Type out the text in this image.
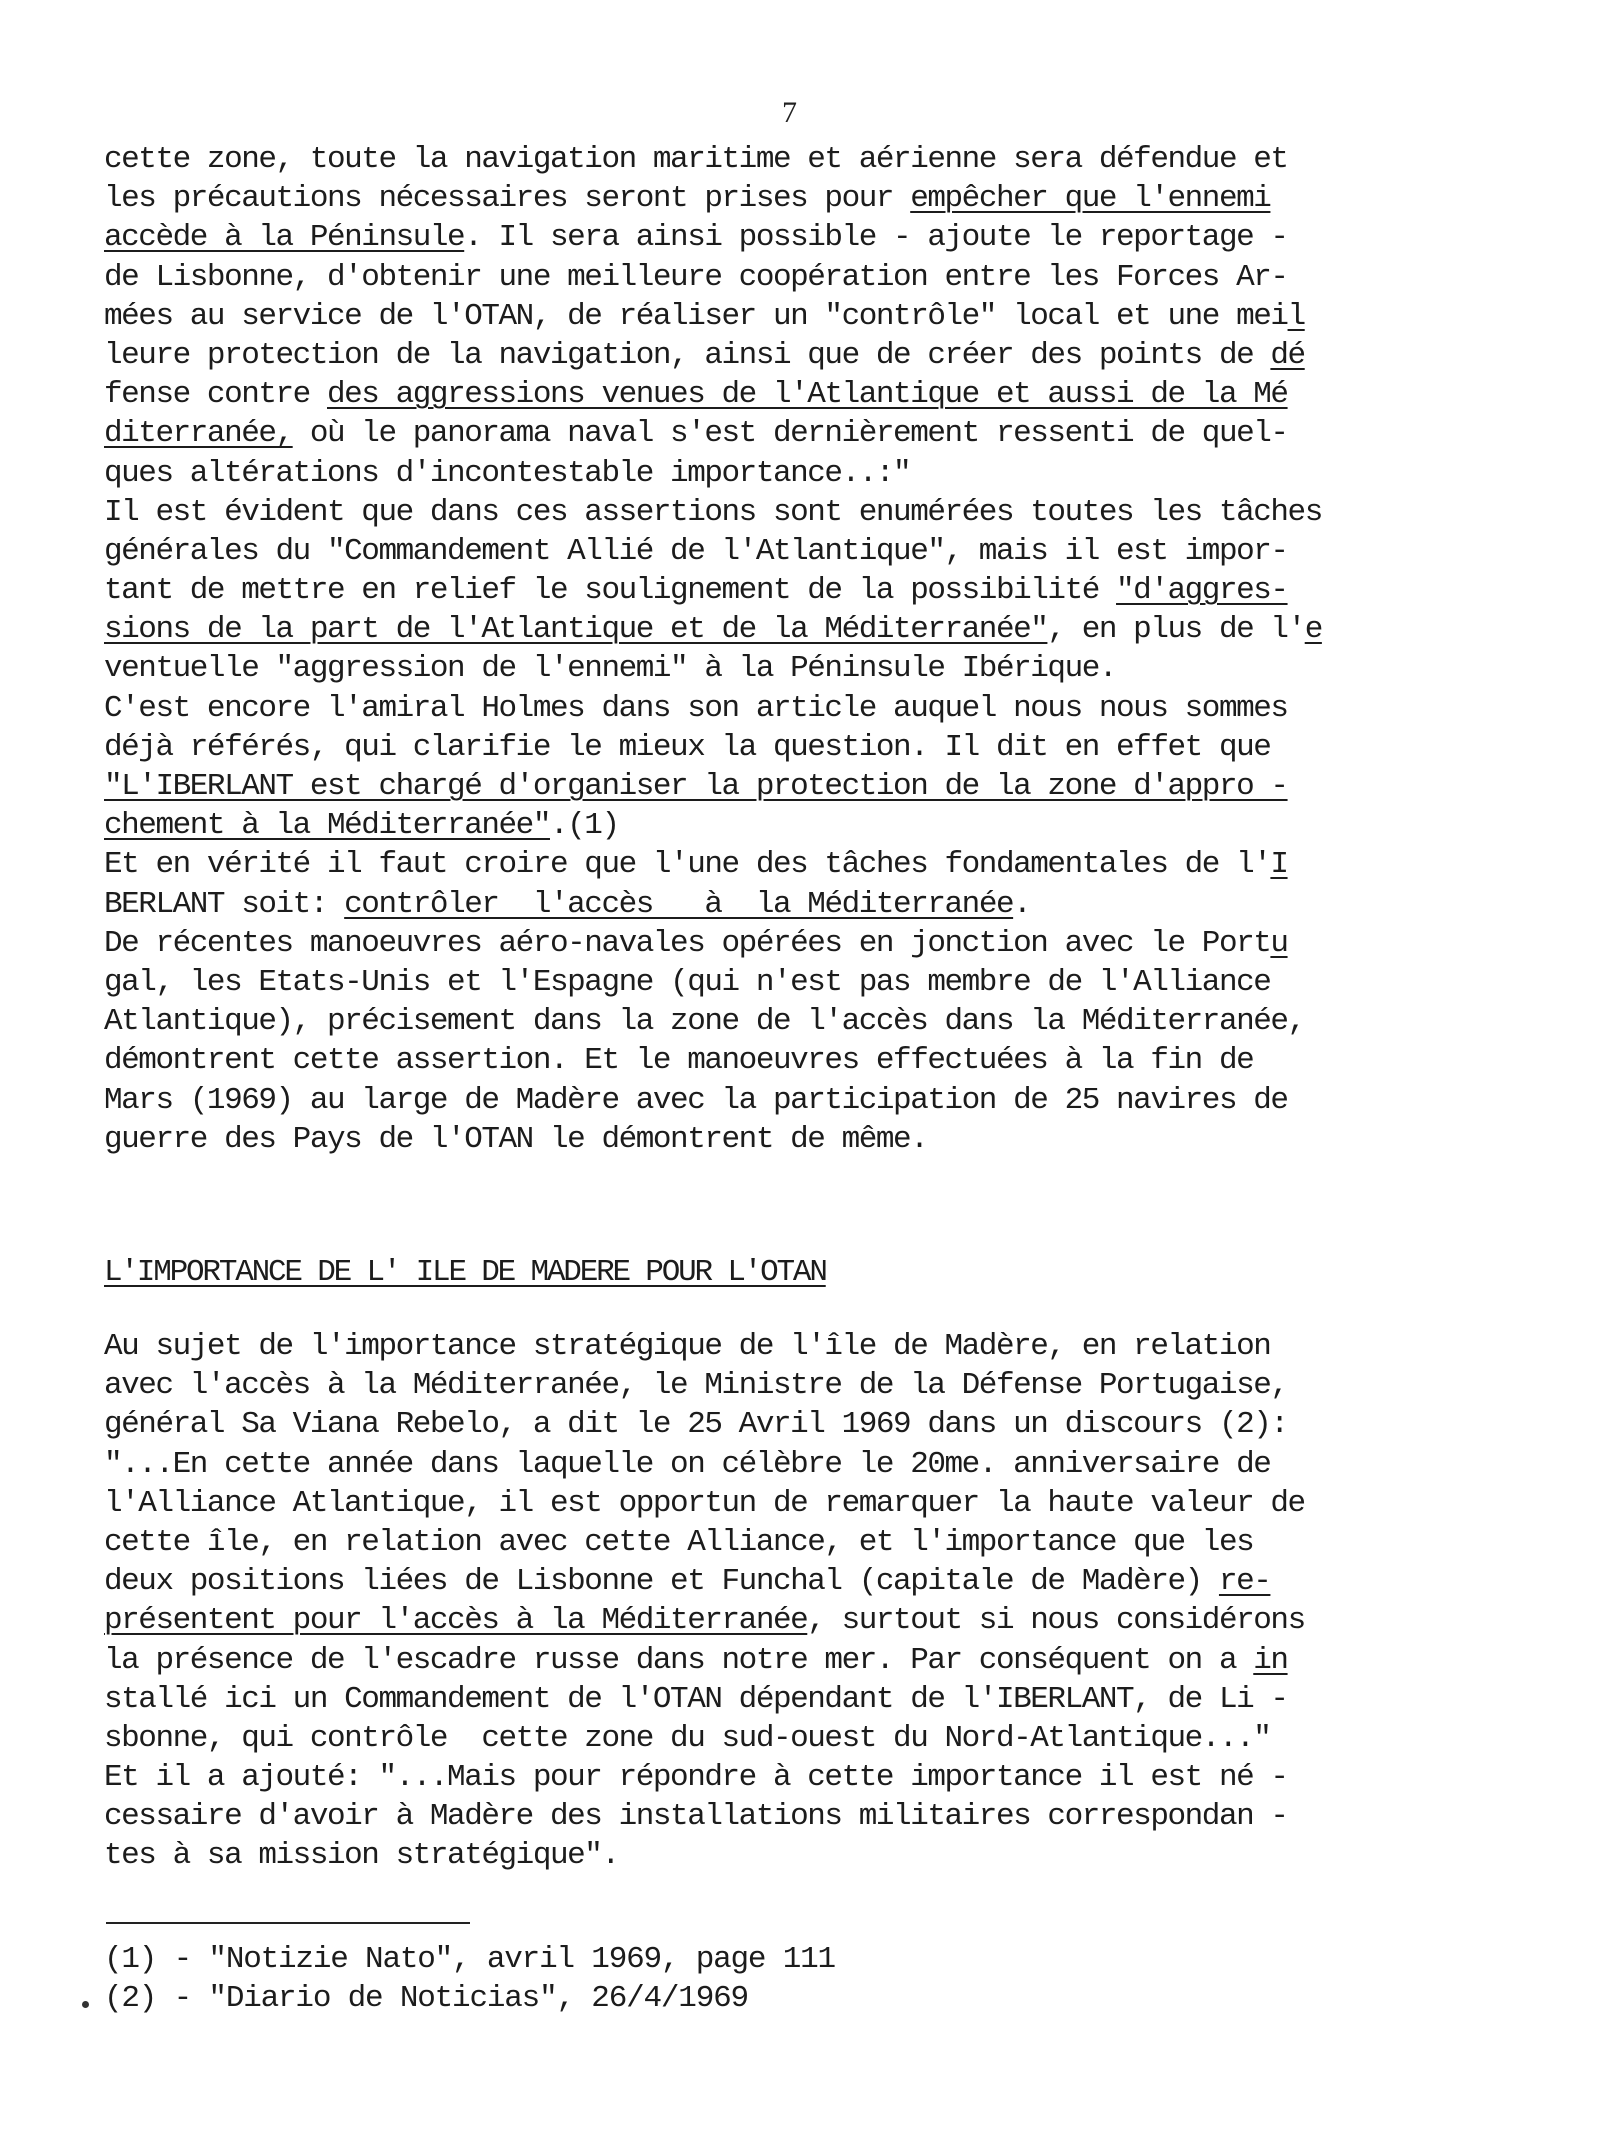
7
cette zone, toute la navigation maritime et aérienne sera défendue et
les précautions nécessaires seront prises pour empêcher que l'ennemi
accède à la Péninsule. Il sera ainsi possible - ajoute le reportage -
de Lisbonne, d'obtenir une meilleure coopération entre les Forces Ar-
mées au service de l'OTAN, de réaliser un "contrôle" local et une meil
leure protection de la navigation, ainsi que de créer des points de dé
fense contre des aggressions venues de l'Atlantique et aussi de la Mé
diterranée, où le panorama naval s'est dernièrement ressenti de quel-
ques altérations d'incontestable importance..:"
Il est évident que dans ces assertions sont enumérées toutes les tâches
générales du "Commandement Allié de l'Atlantique", mais il est impor-
tant de mettre en relief le soulignement de la possibilité "d'aggres-
sions de la part de l'Atlantique et de la Méditerranée", en plus de l'e
ventuelle "aggression de l'ennemi" à la Péninsule Ibérique.
C'est encore l'amiral Holmes dans son article auquel nous nous sommes
déjà référés, qui clarifie le mieux la question. Il dit en effet que
"L'IBERLANT est chargé d'organiser la protection de la zone d'appro -
chement à la Méditerranée".(1)
Et en vérité il faut croire que l'une des tâches fondamentales de l'I
BERLANT soit: contrôler  l'accès   à  la Méditerranée.
De récentes manoeuvres aéro-navales opérées en jonction avec le Portu
gal, les Etats-Unis et l'Espagne (qui n'est pas membre de l'Alliance
Atlantique), précisement dans la zone de l'accès dans la Méditerranée,
démontrent cette assertion. Et le manoeuvres effectuées à la fin de
Mars (1969) au large de Madère avec la participation de 25 navires de
guerre des Pays de l'OTAN le démontrent de même.
L'IMPORTANCE DE L' ILE DE MADERE POUR L'OTAN
Au sujet de l'importance stratégique de l'île de Madère, en relation
avec l'accès à la Méditerranée, le Ministre de la Défense Portugaise,
général Sa Viana Rebelo, a dit le 25 Avril 1969 dans un discours (2):
"...En cette année dans laquelle on célèbre le 20me. anniversaire de
l'Alliance Atlantique, il est opportun de remarquer la haute valeur de
cette île, en relation avec cette Alliance, et l'importance que les
deux positions liées de Lisbonne et Funchal (capitale de Madère) re-
présentent pour l'accès à la Méditerranée, surtout si nous considérons
la présence de l'escadre russe dans notre mer. Par conséquent on a in
stallé ici un Commandement de l'OTAN dépendant de l'IBERLANT, de Li -
sbonne, qui contrôle  cette zone du sud-ouest du Nord-Atlantique..."
Et il a ajouté: "...Mais pour répondre à cette importance il est né -
cessaire d'avoir à Madère des installations militaires correspondan -
tes à sa mission stratégique".
(1) - "Notizie Nato", avril 1969, page 111
(2) - "Diario de Noticias", 26/4/1969
